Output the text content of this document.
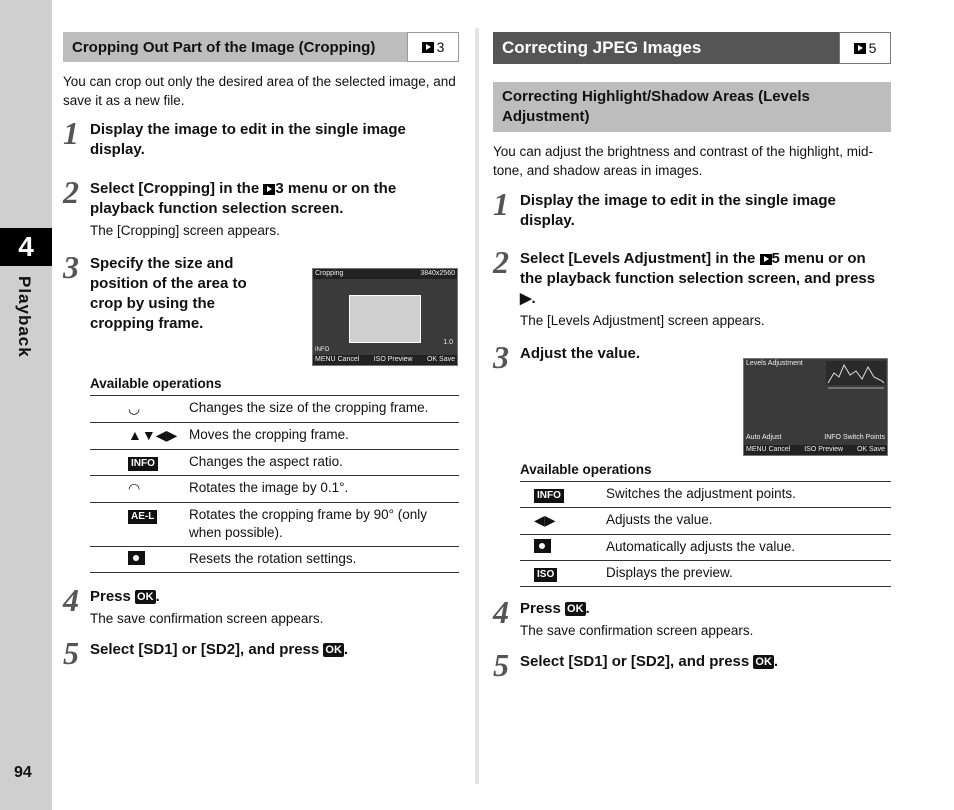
4
Playback
94
Cropping Out Part of the Image (Cropping)	3
You can crop out only the desired area of the selected image, and save it as a new file.
1 Display the image to edit in the single image display.
2 Select [Cropping] in the 3 menu or on the playback function selection screen.
The [Cropping] screen appears.
3 Specify the size and position of the area to crop by using the cropping frame.
Available operations
◡	Changes the size of the cropping frame.
▲▼◀▶	Moves the cropping frame.
INFO	Changes the aspect ratio.
◠	Rotates the image by 0.1°.
AE-L	Rotates the cropping frame by 90° (only when possible).
	Resets the rotation settings.
4 Press OK .
The save confirmation screen appears.
5 Select [SD1] or [SD2], and press OK .
Cropping	3840x2560
1.0
MENU Cancel ISO Preview OK Save
INFO
Correcting JPEG Images	5
Correcting Highlight/Shadow Areas (Levels Adjustment)
You can adjust the brightness and contrast of the highlight, mid-tone, and shadow areas in images.
1 Display the image to edit in the single image display.
2 Select [Levels Adjustment] in the 5 menu or on the playback function selection screen, and press ▶.
The [Levels Adjustment] screen appears.
3 Adjust the value.
Available operations
INFO	Switches the adjustment points.
◀▶	Adjusts the value.
	Automatically adjusts the value.
ISO	Displays the preview.
4 Press OK .
The save confirmation screen appears.
5 Select [SD1] or [SD2], and press OK .
Levels Adjustment
Auto Adjust	INFO Switch Points
MENU Cancel ISO Preview OK Save
